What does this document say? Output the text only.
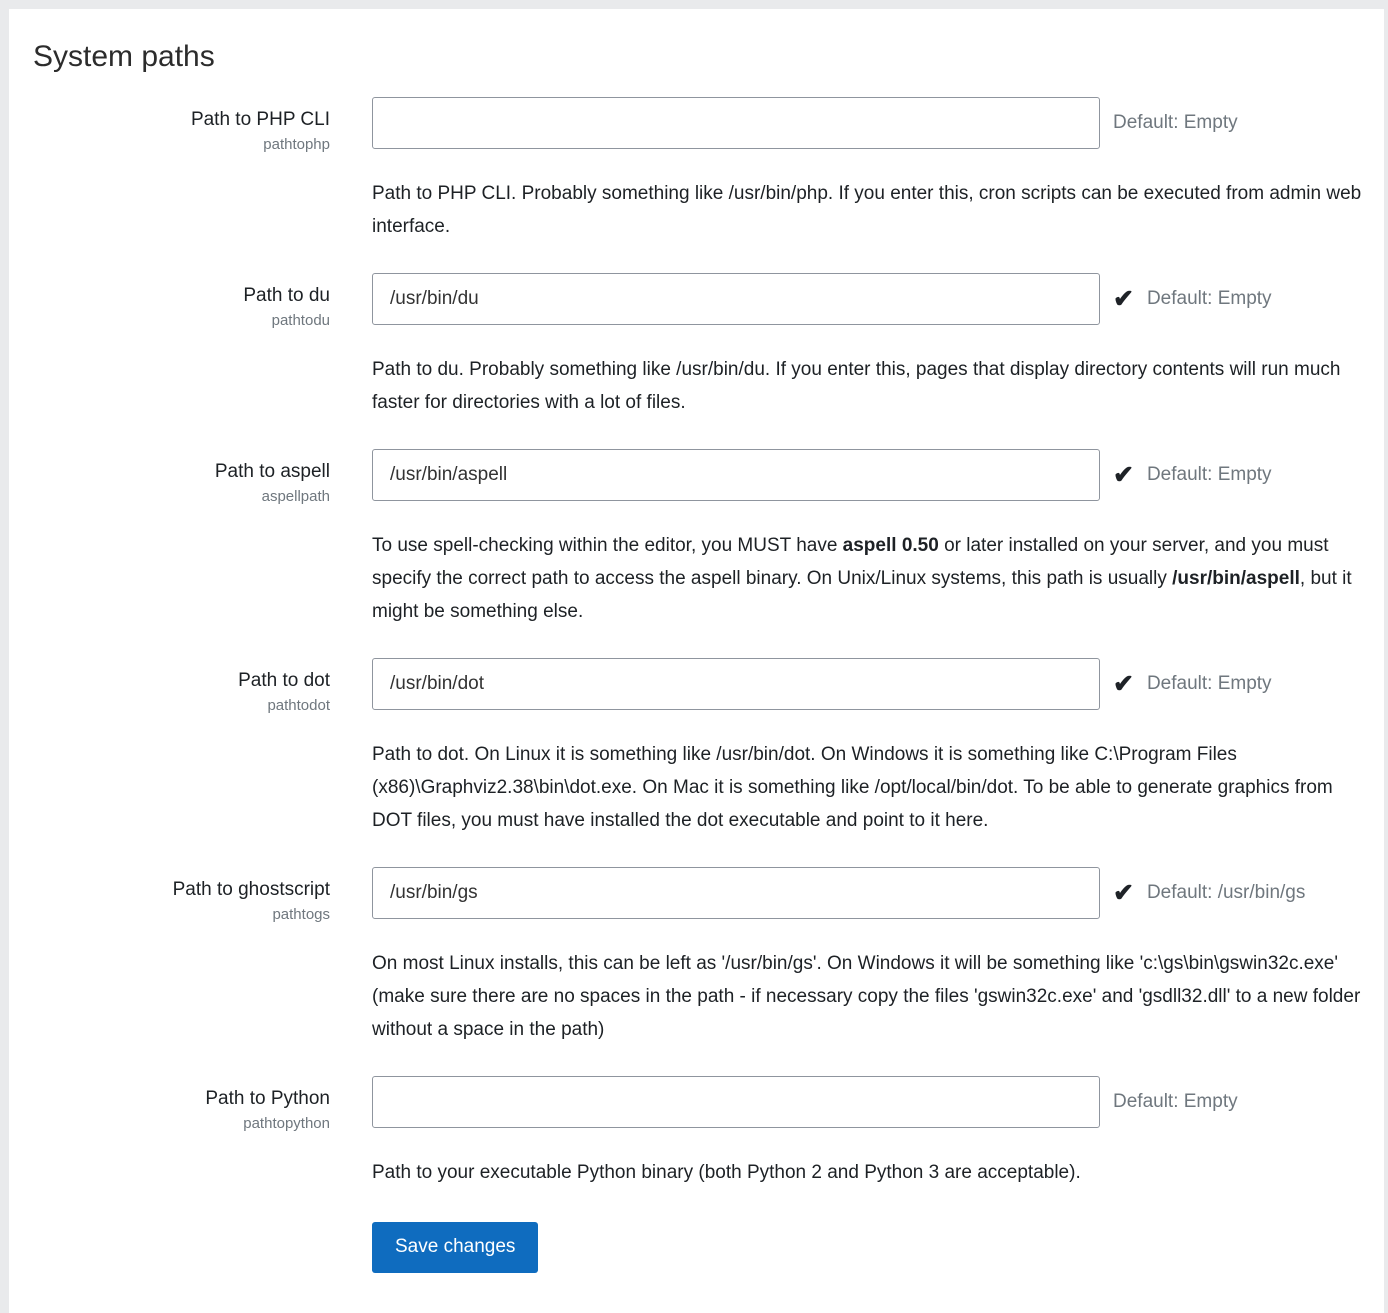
System paths
Path to PHP CLI
pathtophp
Default: Empty
Path to PHP CLI. Probably something like /usr/bin/php. If you enter this, cron scripts can be executed from admin web interface.
Path to du
pathtodu
/usr/bin/du
✔ Default: Empty
Path to du. Probably something like /usr/bin/du. If you enter this, pages that display directory contents will run much faster for directories with a lot of files.
Path to aspell
aspellpath
/usr/bin/aspell
✔ Default: Empty
To use spell-checking within the editor, you MUST have aspell 0.50 or later installed on your server, and you must specify the correct path to access the aspell binary. On Unix/Linux systems, this path is usually /usr/bin/aspell, but it might be something else.
Path to dot
pathtodot
/usr/bin/dot
✔ Default: Empty
Path to dot. On Linux it is something like /usr/bin/dot. On Windows it is something like C:\Program Files (x86)\Graphviz2.38\bin\dot.exe. On Mac it is something like /opt/local/bin/dot. To be able to generate graphics from DOT files, you must have installed the dot executable and point to it here.
Path to ghostscript
pathtogs
/usr/bin/gs
✔ Default: /usr/bin/gs
On most Linux installs, this can be left as '/usr/bin/gs'. On Windows it will be something like 'c:\gs\bin\gswin32c.exe' (make sure there are no spaces in the path - if necessary copy the files 'gswin32c.exe' and 'gsdll32.dll' to a new folder without a space in the path)
Path to Python
pathtopython
Default: Empty
Path to your executable Python binary (both Python 2 and Python 3 are acceptable).
Save changes
